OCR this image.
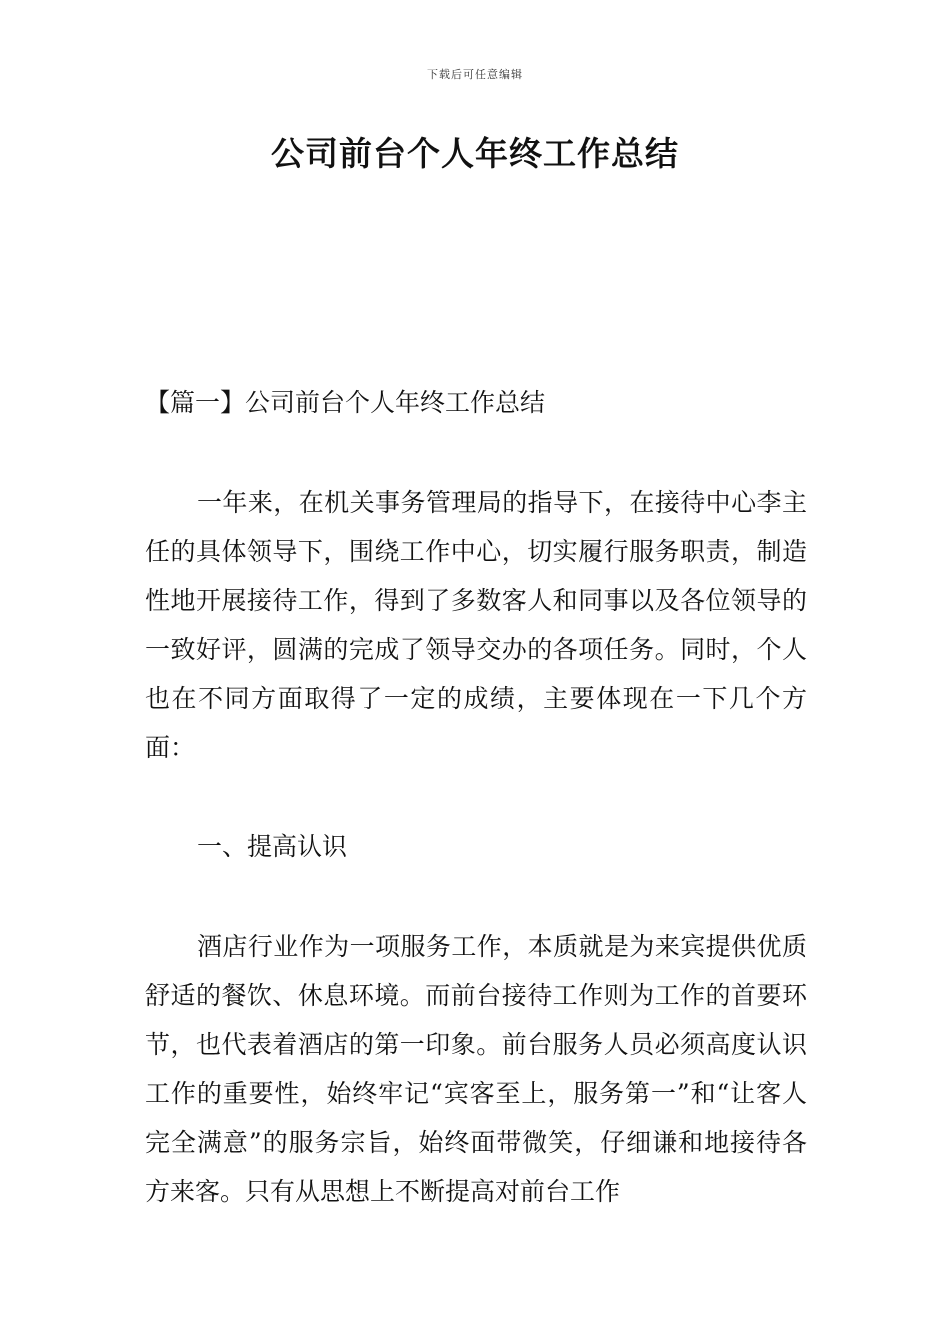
下载后可任意编辑
公司前台个人年终工作总结

【篇一】公司前台个人年终工作总结

一年来，在机关事务管理局的指导下，在接待中心李主任的具体领导下，围绕工作中心，切实履行服务职责，制造性地开展接待工作，得到了多数客人和同事以及各位领导的一致好评，圆满的完成了领导交办的各项任务。同时，个人也在不同方面取得了一定的成绩，主要体现在一下几个方面：

一、提高认识

酒店行业作为一项服务工作，本质就是为来宾提供优质舒适的餐饮、休息环境。而前台接待工作则为工作的首要环节，也代表着酒店的第一印象。前台服务人员必须高度认识工作的重要性，始终牢记“宾客至上，服务第一”和“让客人完全满意”的服务宗旨，始终面带微笑，仔细谦和地接待各方来客。只有从思想上不断提高对前台工作
